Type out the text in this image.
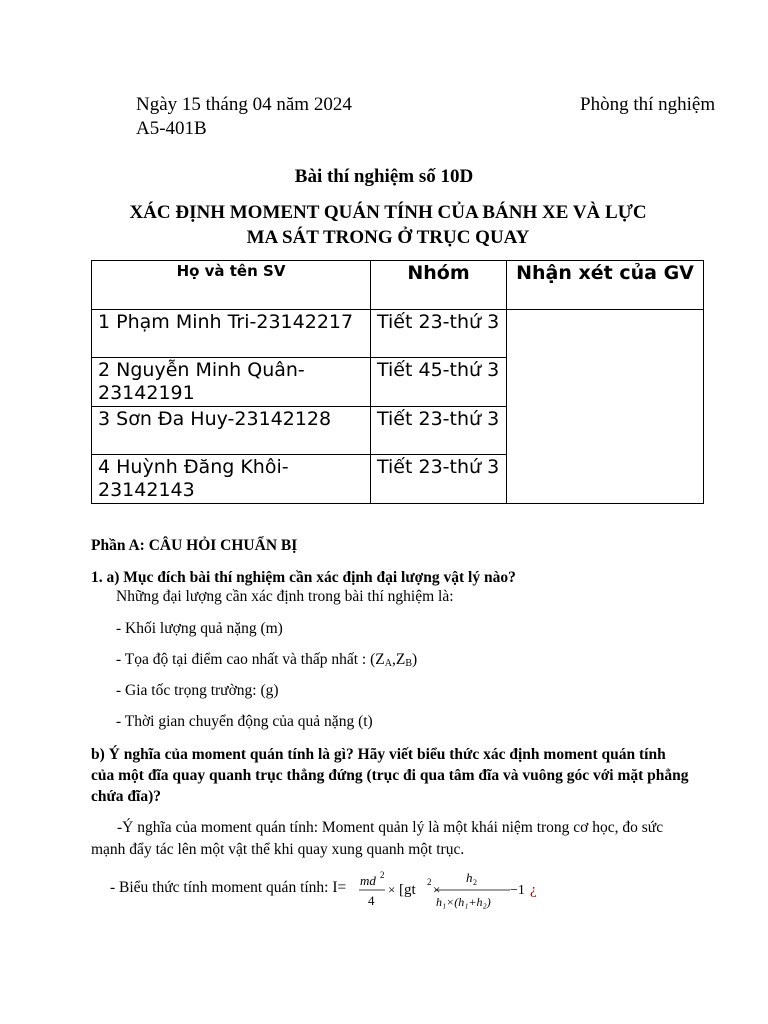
Ngày 15 tháng 04 năm 2024	Phòng thí nghiệm
A5-401B
Bài thí nghiệm số 10D
XÁC ĐỊNH MOMENT QUÁN TÍNH CỦA BÁNH XE VÀ LỰC
MA SÁT TRONG Ở TRỤC QUAY
Họ và tên SV	Nhóm	Nhận xét của GV
1 Phạm Minh Tri-23142217	Tiết 23-thứ 3	
2 Nguyễn Minh Quân-23142191	Tiết 45-thứ 3	
3 Sơn Đa Huy-23142128	Tiết 23-thứ 3	
4 Huỳnh Đăng Khôi-23142143	Tiết 23-thứ 3	
Phần A: CÂU HỎI CHUẨN BỊ
1. a) Mục đích bài thí nghiệm cần xác định đại lượng vật lý nào?
Những đại lượng cần xác định trong bài thí nghiệm là:
- Khối lượng quả nặng (m)
- Tọa độ tại điểm cao nhất và thấp nhất : $(Z_A,Z_B)$
- Gia tốc trọng trường: (g)
- Thời gian chuyển động của quả nặng (t)
b) Ý nghĩa của moment quán tính là gì? Hãy viết biểu thức xác định moment quán tính của một đĩa quay quanh trục thẳng đứng (trục đi qua tâm đĩa và vuông góc với mặt phẳng chứa đĩa)?
-Ý nghĩa của moment quán tính: Moment quản lý là một khái niệm trong cơ học, đo sức mạnh đẩy tác lên một vật thể khi quay xung quanh một trục.
- Biểu thức tính moment quán tính: I= md 2
4
× [gt 2 ×
h 2
h₁×(h₁+h₂)
−1 ¿
